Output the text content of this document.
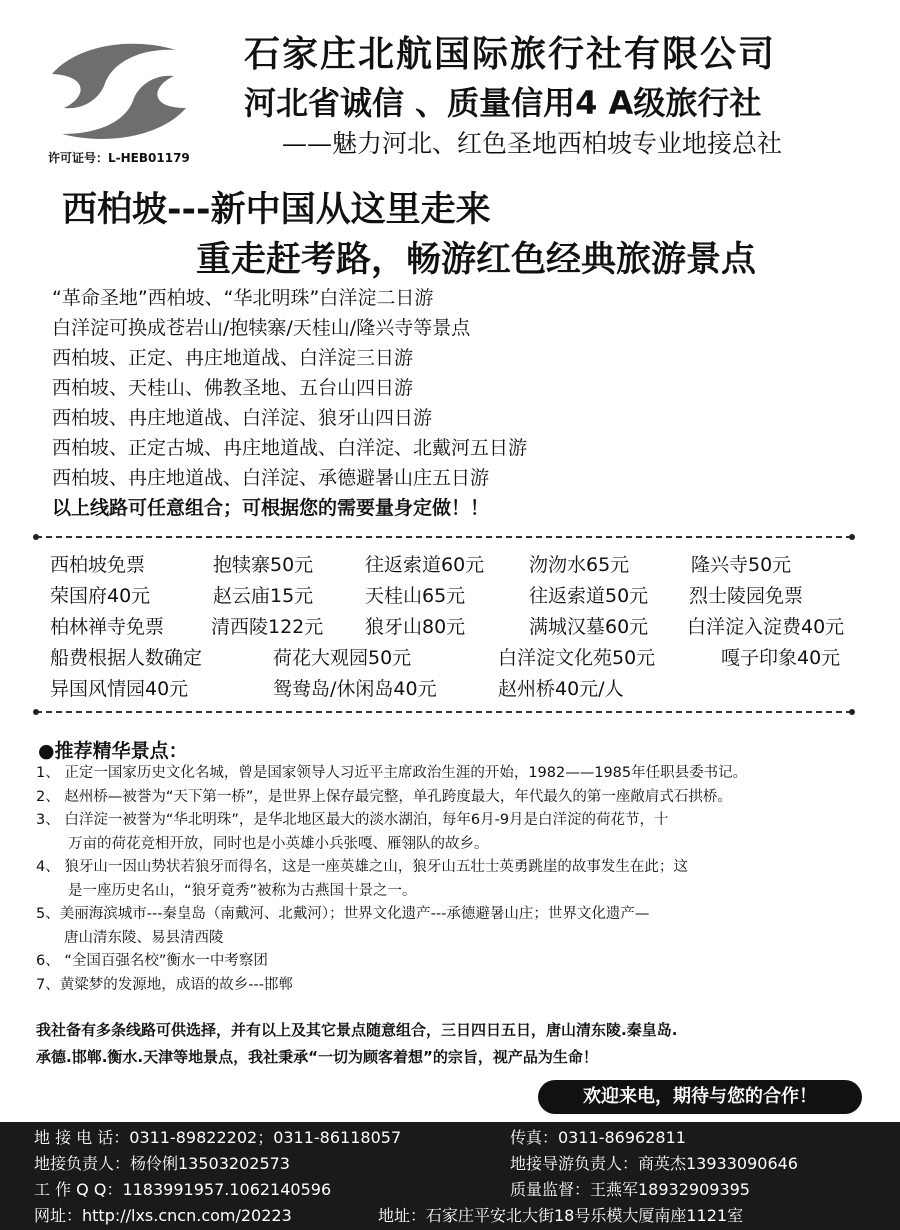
许可证号：L-HEB01179
石家庄北航国际旅行社有限公司
河北省诚信 、质量信用4 A级旅行社
——魅力河北、红色圣地西柏坡专业地接总社
西柏坡---新中国从这里走来
重走赶考路，畅游红色经典旅游景点
“革命圣地”西柏坡、“华北明珠”白洋淀二日游
白洋淀可换成苍岩山/抱犊寨/天桂山/隆兴寺等景点
西柏坡、正定、冉庄地道战、白洋淀三日游
西柏坡、天桂山、佛教圣地、五台山四日游
西柏坡、冉庄地道战、白洋淀、狼牙山四日游
西柏坡、正定古城、冉庄地道战、白洋淀、北戴河五日游
西柏坡、冉庄地道战、白洋淀、承德避暑山庄五日游
以上线路可任意组合；可根据您的需要量身定做！！
西柏坡免票	抱犊寨50元	往返索道60元 沕沕水65元	隆兴寺50元
荣国府40元	赵云庙15元	天桂山65元	往返索道50元 烈士陵园免票
柏林禅寺免票 清西陵122元 狼牙山80元	满城汉墓60元 白洋淀入淀费40元
船费根据人数确定	荷花大观园50元	白洋淀文化苑50元	嘎子印象40元
异国风情园40元	鸳鸯岛/休闲岛40元	赵州桥40元/人
●推荐精华景点：
1、 正定一国家历史文化名城，曾是国家领导人习近平主席政治生涯的开始，1982——1985年任职县委书记。
2、 赵州桥—被誉为“天下第一桥”，是世界上保存最完整，单孔跨度最大，年代最久的第一座敞肩式石拱桥。
3、 白洋淀一被誉为“华北明珠”，是华北地区最大的淡水湖泊，每年6月-9月是白洋淀的荷花节，十
万亩的荷花竞相开放，同时也是小英雄小兵张嘎、雁翎队的故乡。
4、 狼牙山一因山势状若狼牙而得名，这是一座英雄之山，狼牙山五壮士英勇跳崖的故事发生在此；这
是一座历史名山，“狼牙竟秀”被称为古燕国十景之一。
5、美丽海滨城市---秦皇岛（南戴河、北戴河）；世界文化遗产---承德避暑山庄；世界文化遗产—
唐山清东陵、易县清西陵
6、 “全国百强名校”衡水一中考察团
7、黄粱梦的发源地，成语的故乡---邯郸
我社备有多条线路可供选择，并有以上及其它景点随意组合，三日四日五日，唐山清东陵.秦皇岛.
承德.邯郸.衡水.天津等地景点，我社秉承“一切为顾客着想”的宗旨，视产品为生命！
欢迎来电，期待与您的合作！
地 接 电 话：0311-89822202；0311-86118057	传真：0311-86962811
地接负责人：杨伶俐13503202573	地接导游负责人：商英杰13933090646
工 作 Q Q：1183991957.1062140596	质量监督：王燕军18932909395
网址：http://lxs.cncn.com/20223	地址：石家庄平安北大街18号乐模大厦南座1121室
